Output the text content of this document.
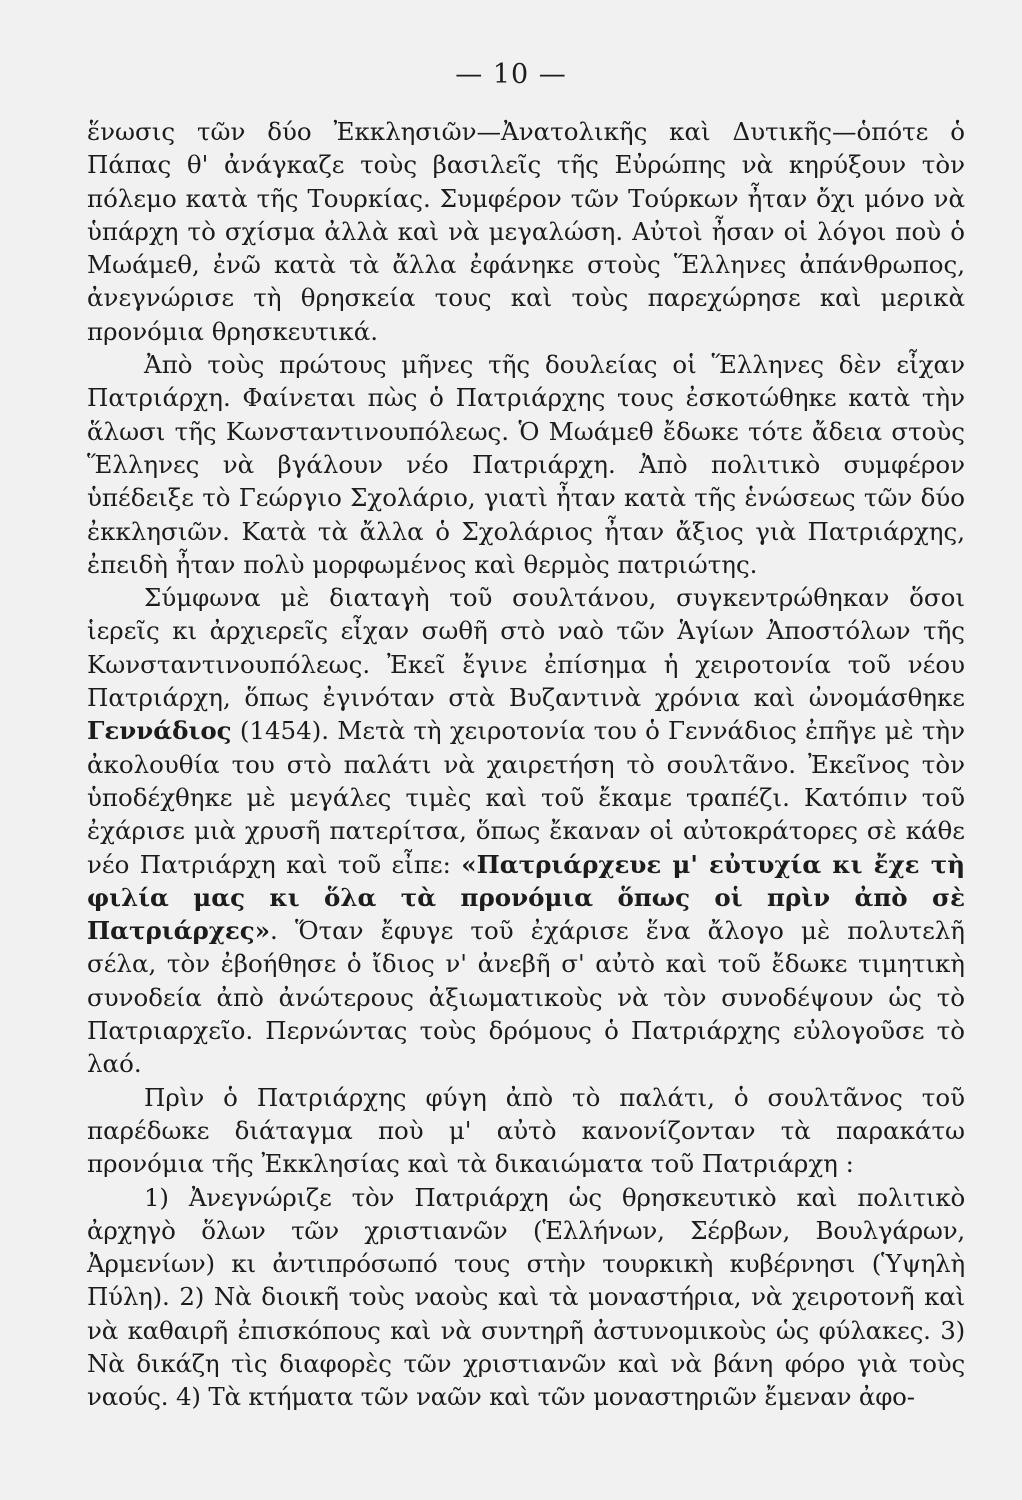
— 10 —

ἕνωσις τῶν δύο Ἐκκλησιῶν—Ἀνατολικῆς καὶ Δυτικῆς—ὁπότε ὁ Πάπας θ' ἀνάγκαζε τοὺς βασιλεῖς τῆς Εὐρώπης νὰ κηρύξουν τὸν πόλεμο κατὰ τῆς Τουρκίας. Συμφέρον τῶν Τούρκων ἦταν ὄχι μόνο νὰ ὑπάρχη τὸ σχίσμα ἀλλὰ καὶ νὰ μεγαλώση. Αὐτοὶ ἦσαν οἱ λόγοι ποὺ ὁ Μωάμεθ, ἐνῶ κατὰ τὰ ἄλλα ἐφάνηκε στοὺς Ἕλληνες ἀπάνθρωπος, ἀνεγνώρισε τὴ θρησκεία τους καὶ τοὺς παρεχώρησε καὶ μερικὰ προνόμια θρησκευτικά.

Ἀπὸ τοὺς πρώτους μῆνες τῆς δουλείας οἱ Ἕλληνες δὲν εἶχαν Πατριάρχη. Φαίνεται πὼς ὁ Πατριάρχης τους ἐσκοτώθηκε κατὰ τὴν ἅλωσι τῆς Κωνσταντινουπόλεως. Ὁ Μωάμεθ ἔδωκε τότε ἄδεια στοὺς Ἕλληνες νὰ βγάλουν νέο Πατριάρχη. Ἀπὸ πολιτικὸ συμφέρον ὑπέδειξε τὸ Γεώργιο Σχολάριο, γιατὶ ἦταν κατὰ τῆς ἑνώσεως τῶν δύο ἐκκλησιῶν. Κατὰ τὰ ἄλλα ὁ Σχολάριος ἦταν ἄξιος γιὰ Πατριάρχης, ἐπειδὴ ἦταν πολὺ μορφωμένος καὶ θερμὸς πατριώτης.

Σύμφωνα μὲ διαταγὴ τοῦ σουλτάνου, συγκεντρώθηκαν ὅσοι ἱερεῖς κι ἀρχιερεῖς εἶχαν σωθῆ στὸ ναὸ τῶν Ἁγίων Ἀποστόλων τῆς Κωνσταντινουπόλεως. Ἐκεῖ ἔγινε ἐπίσημα ἡ χειροτονία τοῦ νέου Πατριάρχη, ὅπως ἐγινόταν στὰ Βυζαντινὰ χρόνια καὶ ὠνομάσθηκε Γεννάδιος (1454). Μετὰ τὴ χειροτονία του ὁ Γεννάδιος ἐπῆγε μὲ τὴν ἀκολουθία του στὸ παλάτι νὰ χαιρετήση τὸ σουλτᾶνο. Ἐκεῖνος τὸν ὑποδέχθηκε μὲ μεγάλες τιμὲς καὶ τοῦ ἔκαμε τραπέζι. Κατόπιν τοῦ ἐχάρισε μιὰ χρυσῆ πατερίτσα, ὅπως ἔκαναν οἱ αὐτοκράτορες σὲ κάθε νέο Πατριάρχη καὶ τοῦ εἶπε: «Πατριάρχευε μ' εὐτυχία κι ἔχε τὴ φιλία μας κι ὅλα τὰ προνόμια ὅπως οἱ πρὶν ἀπὸ σὲ Πατριάρχες». Ὅταν ἔφυγε τοῦ ἐχάρισε ἕνα ἄλογο μὲ πολυτελῆ σέλα, τὸν ἐβοήθησε ὁ ἴδιος ν' ἀνεβῆ σ' αὐτὸ καὶ τοῦ ἔδωκε τιμητικὴ συνοδεία ἀπὸ ἀνώτερους ἀξιωματικοὺς νὰ τὸν συνοδέψουν ὡς τὸ Πατριαρχεῖο. Περνώντας τοὺς δρόμους ὁ Πατριάρχης εὐλογοῦσε τὸ λαό.

Πρὶν ὁ Πατριάρχης φύγη ἀπὸ τὸ παλάτι, ὁ σουλτᾶνος τοῦ παρέδωκε διάταγμα ποὺ μ' αὐτὸ κανονίζονταν τὰ παρακάτω προνόμια τῆς Ἐκκλησίας καὶ τὰ δικαιώματα τοῦ Πατριάρχη :

1) Ἀνεγνώριζε τὸν Πατριάρχη ὡς θρησκευτικὸ καὶ πολιτικὸ ἀρχηγὸ ὅλων τῶν χριστιανῶν (Ἑλλήνων, Σέρβων, Βουλγάρων, Ἀρμενίων) κι ἀντιπρόσωπό τους στὴν τουρκικὴ κυβέρνησι (Ὑψηλὴ Πύλη). 2) Νὰ διοικῆ τοὺς ναοὺς καὶ τὰ μοναστήρια, νὰ χειροτονῆ καὶ νὰ καθαιρῆ ἐπισκόπους καὶ νὰ συντηρῆ ἀστυνομικοὺς ὡς φύλακες. 3) Νὰ δικάζη τὶς διαφορὲς τῶν χριστιανῶν καὶ νὰ βάνη φόρο γιὰ τοὺς ναούς. 4) Τὰ κτήματα τῶν ναῶν καὶ τῶν μοναστηριῶν ἔμεναν ἀφο-
